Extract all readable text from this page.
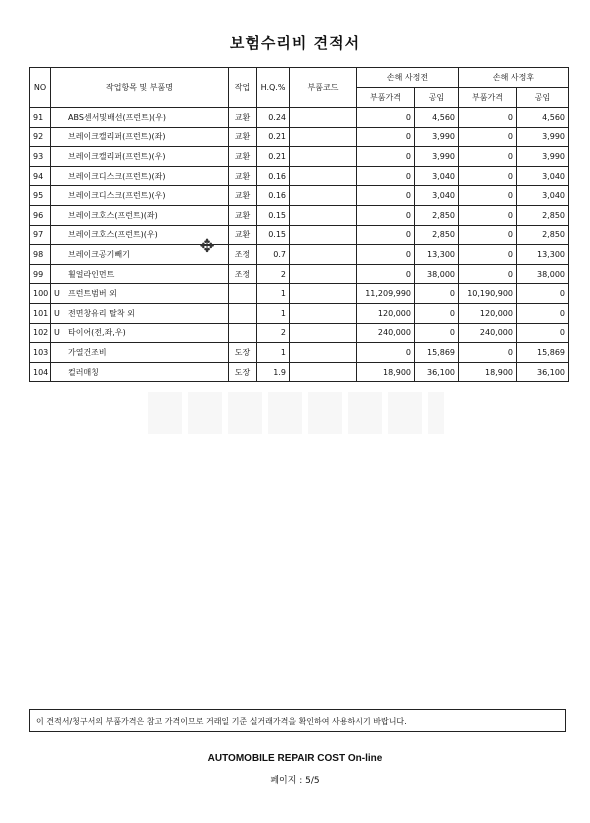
보험수리비 견적서
NO	작업항목 및 부품명	작업	H.Q.%	부품코드	손해 사정전		손해 사정후	
					부품가격	공임	부품가격	공임
91	ABS센서및배선(프런트)(우)	교환	0.24		0	4,560	0	4,560
92	브레이크캘리퍼(프런트)(좌)	교환	0.21		0	3,990	0	3,990
93	브레이크캘리퍼(프런트)(우)	교환	0.21		0	3,990	0	3,990
94	브레이크디스크(프런트)(좌)	교환	0.16		0	3,040	0	3,040
95	브레이크디스크(프런트)(우)	교환	0.16		0	3,040	0	3,040
96	브레이크호스(프런트)(좌)	교환	0.15		0	2,850	0	2,850
97	브레이크호스(프런트)(우)	교환	0.15		0	2,850	0	2,850
98	브레이크공기빼기	조정	0.7		0	13,300	0	13,300
99	휠얼라인먼트	조정	2		0	38,000	0	38,000
100	U 프런트범버 외		1		11,209,990	0	10,190,900	0
101	U 전면창유리 탈착 외		1		120,000	0	120,000	0
102	U 타이어(전,좌,우)		2		240,000	0	240,000	0
103	가열건조비	도장	1		0	15,869	0	15,869
104	컬러매칭	도장	1.9		18,900	36,100	18,900	36,100
✥
이 견적서/청구서의 부품가격은 참고 가격이므로 거래일 기준 실거래가격을 확인하여 사용하시기 바랍니다.
AUTOMOBILE REPAIR COST On-line
페이지 : 5/5
